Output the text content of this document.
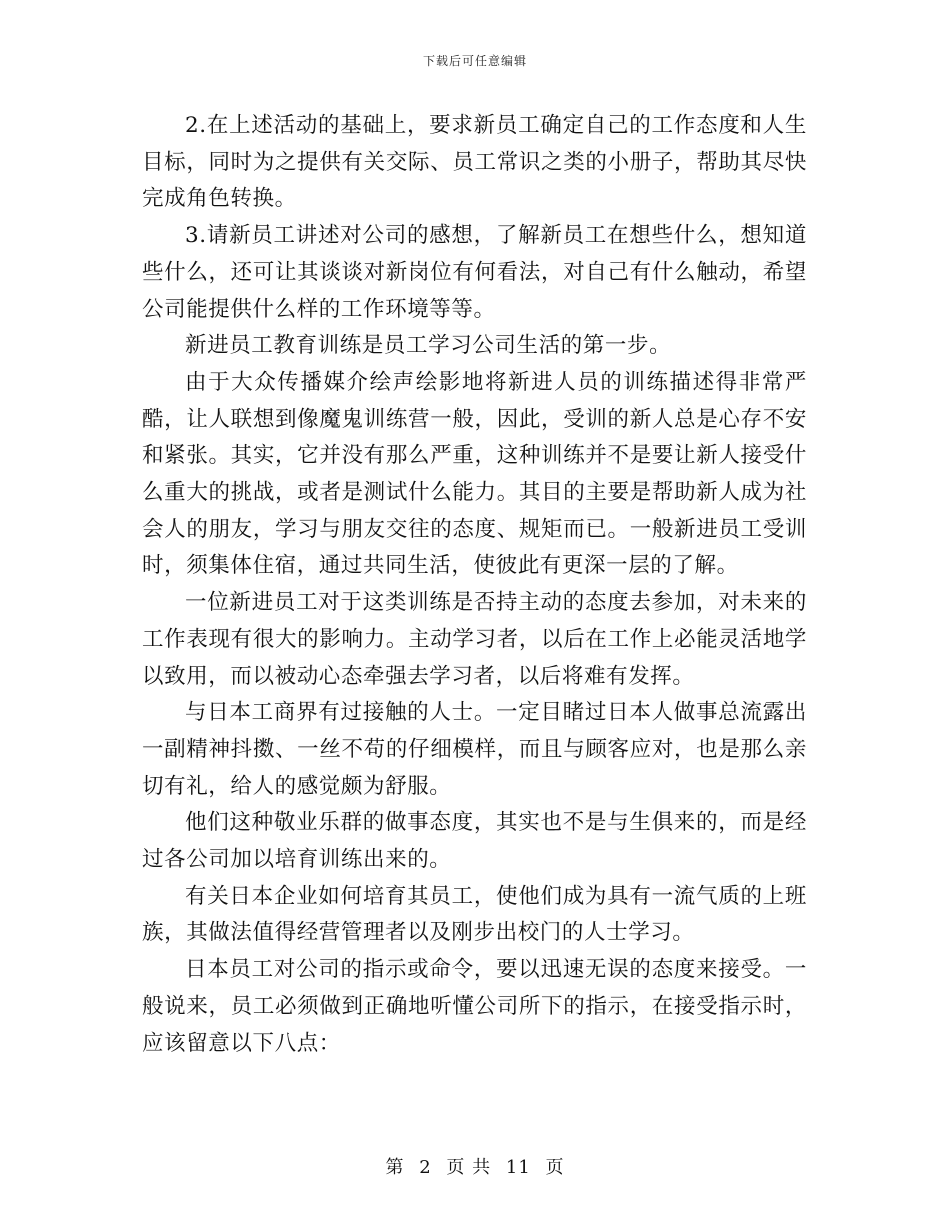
下载后可任意编辑

2.在上述活动的基础上，要求新员工确定自己的工作态度和人生目标，同时为之提供有关交际、员工常识之类的小册子，帮助其尽快完成角色转换。

3.请新员工讲述对公司的感想，了解新员工在想些什么，想知道些什么，还可让其谈谈对新岗位有何看法，对自己有什么触动，希望公司能提供什么样的工作环境等等。

新进员工教育训练是员工学习公司生活的第一步。

由于大众传播媒介绘声绘影地将新进人员的训练描述得非常严酷，让人联想到像魔鬼训练营一般，因此，受训的新人总是心存不安和紧张。其实，它并没有那么严重，这种训练并不是要让新人接受什么重大的挑战，或者是测试什么能力。其目的主要是帮助新人成为社会人的朋友，学习与朋友交往的态度、规矩而已。一般新进员工受训时，须集体住宿，通过共同生活，使彼此有更深一层的了解。

一位新进员工对于这类训练是否持主动的态度去参加，对未来的工作表现有很大的影响力。主动学习者，以后在工作上必能灵活地学以致用，而以被动心态牵强去学习者，以后将难有发挥。

与日本工商界有过接触的人士。一定目睹过日本人做事总流露出一副精神抖擞、一丝不苟的仔细模样，而且与顾客应对，也是那么亲切有礼，给人的感觉颇为舒服。

他们这种敬业乐群的做事态度，其实也不是与生俱来的，而是经过各公司加以培育训练出来的。

有关日本企业如何培育其员工，使他们成为具有一流气质的上班族，其做法值得经营管理者以及刚步出校门的人士学习。

日本员工对公司的指示或命令，要以迅速无误的态度来接受。一般说来，员工必须做到正确地听懂公司所下的指示，在接受指示时，应该留意以下八点：

第 2 页 共 11 页
